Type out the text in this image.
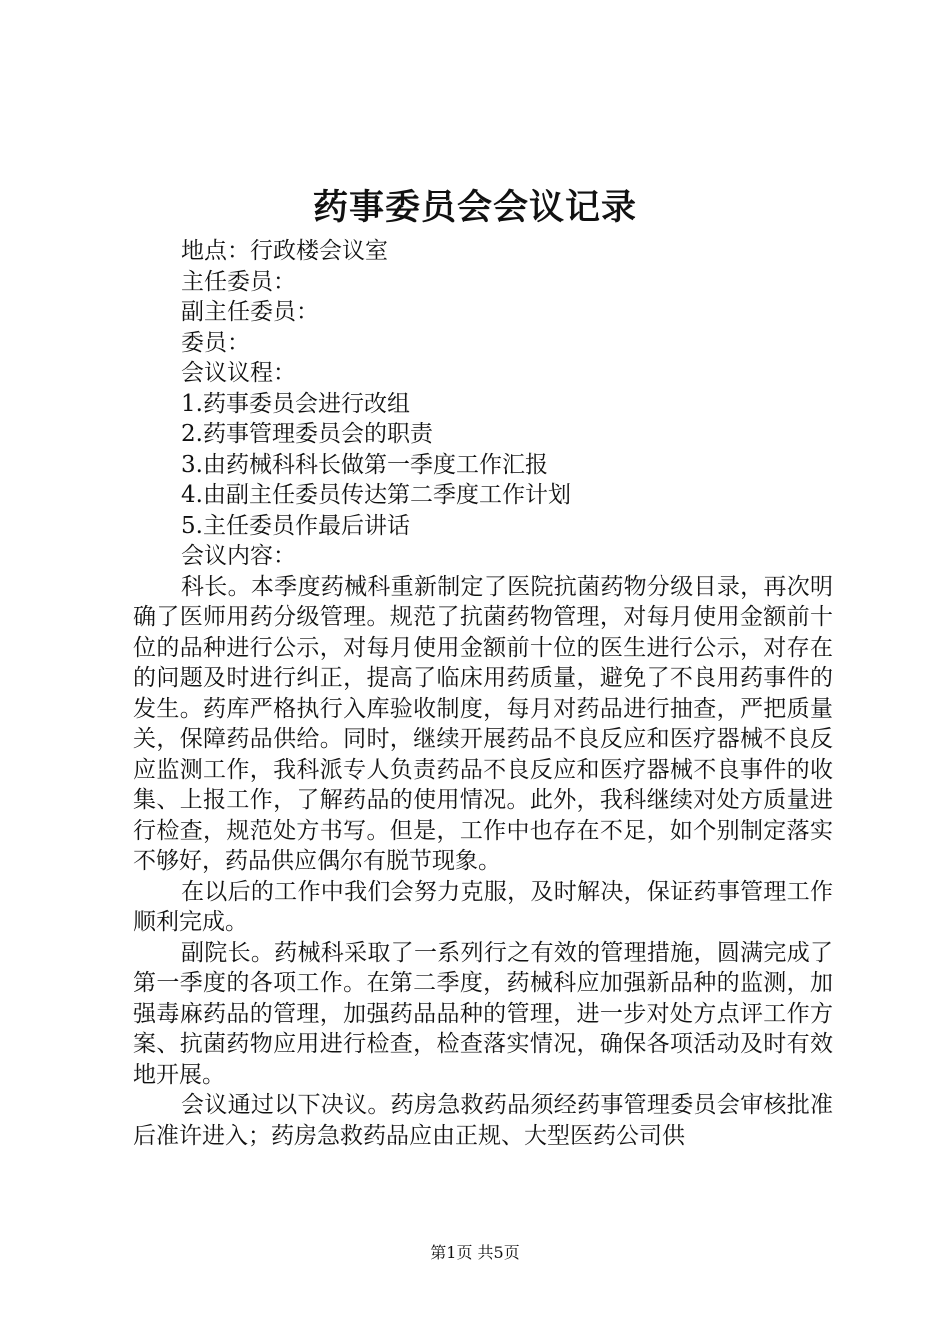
药事委员会会议记录
地点：行政楼会议室
主任委员：
副主任委员：
委员：
会议议程：
1.药事委员会进行改组
2.药事管理委员会的职责
3.由药械科科长做第一季度工作汇报
4.由副主任委员传达第二季度工作计划
5.主任委员作最后讲话
会议内容：
科长。本季度药械科重新制定了医院抗菌药物分级目录，再次明确了医师用药分级管理。规范了抗菌药物管理，对每月使用金额前十位的品种进行公示，对每月使用金额前十位的医生进行公示，对存在的问题及时进行纠正，提高了临床用药质量，避免了不良用药事件的发生。药库严格执行入库验收制度，每月对药品进行抽查，严把质量关，保障药品供给。同时，继续开展药品不良反应和医疗器械不良反应监测工作，我科派专人负责药品不良反应和医疗器械不良事件的收集、上报工作，了解药品的使用情况。此外，我科继续对处方质量进行检查，规范处方书写。但是，工作中也存在不足，如个别制定落实不够好，药品供应偶尔有脱节现象。
在以后的工作中我们会努力克服，及时解决，保证药事管理工作顺利完成。
副院长。药械科采取了一系列行之有效的管理措施，圆满完成了第一季度的各项工作。在第二季度，药械科应加强新品种的监测，加强毒麻药品的管理，加强药品品种的管理，进一步对处方点评工作方案、抗菌药物应用进行检查，检查落实情况，确保各项活动及时有效地开展。
会议通过以下决议。药房急救药品须经药事管理委员会审核批准后准许进入；药房急救药品应由正规、大型医药公司供
第1页 共5页
